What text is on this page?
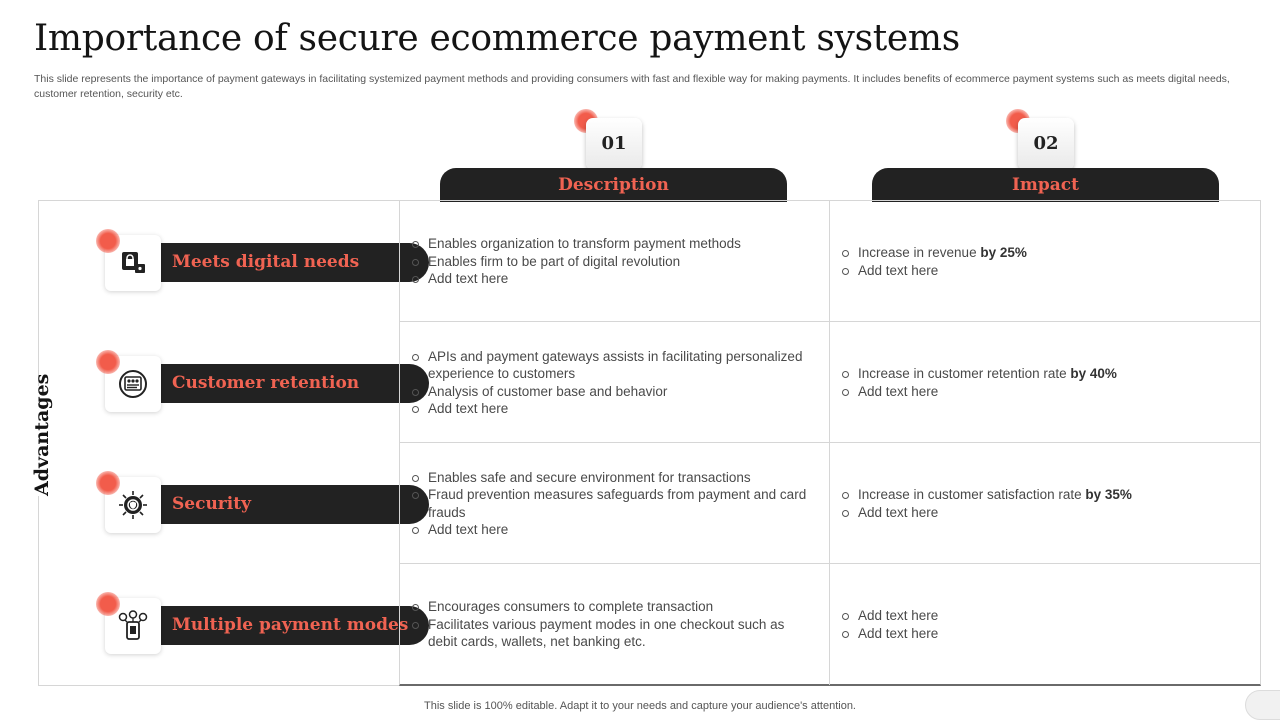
Importance of secure ecommerce payment systems

This slide represents the importance of payment gateways in facilitating systemized payment methods and providing consumers with fast and flexible way for making payments. It includes benefits of ecommerce payment systems such as meets digital needs, customer retention, security etc.

01
Description
02
Impact
Meets digital needs
Customer retention
Security
Multiple payment modes
Advantages
Enables organization to transform payment methods
Enables firm to be part of digital revolution
Add text here
Increase in revenue by 25%
Add text here
APIs and payment gateways assists in facilitating personalized experience to customers
Analysis of customer base and behavior
Add text here
Increase in customer retention rate by 40%
Add text here
Enables safe and secure environment for transactions
Fraud prevention measures safeguards from payment and card frauds
Add text here
Increase in customer satisfaction rate by 35%
Add text here
Encourages consumers to complete transaction
Facilitates various payment modes in one checkout such as debit cards, wallets, net banking etc.
Add text here
Add text here
This slide is 100% editable. Adapt it to your needs and capture your audience's attention.
